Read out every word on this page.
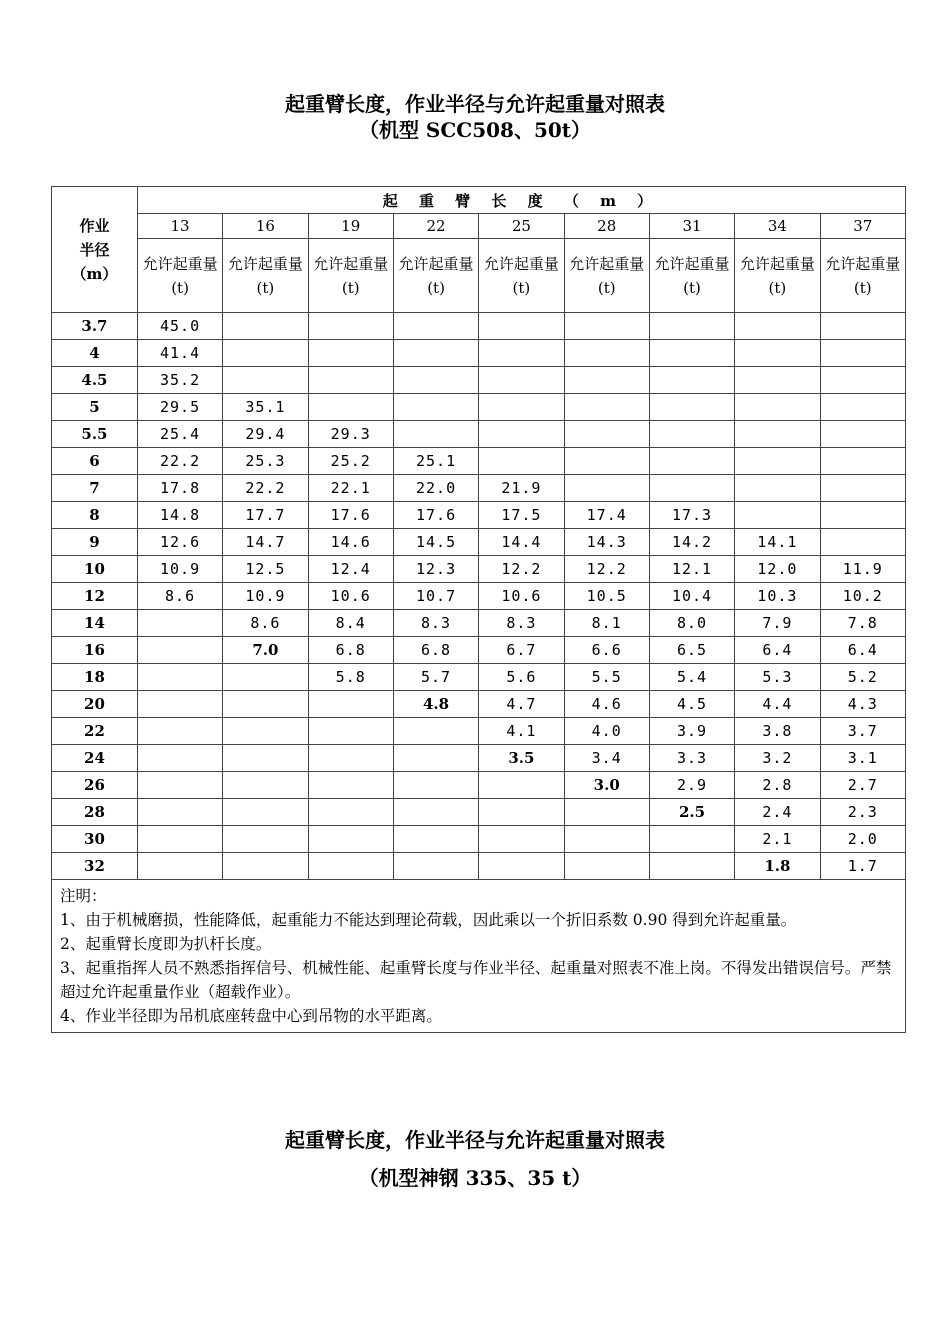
起重臂长度，作业半径与允许起重量对照表
（机型 SCC508、50t）
作业
半径
（m）	起 重 臂 长 度 （ m ）								
	13	16	19	22	25	28	31	34	37
	允许起重量(t)	允许起重量(t)	允许起重量(t)	允许起重量(t)	允许起重量(t)	允许起重量(t)	允许起重量(t)	允许起重量(t)	允许起重量(t)
3.7	45.0								
4	41.4								
4.5	35.2								
5	29.5	35.1							
5.5	25.4	29.4	29.3						
6	22.2	25.3	25.2	25.1					
7	17.8	22.2	22.1	22.0	21.9				
8	14.8	17.7	17.6	17.6	17.5	17.4	17.3		
9	12.6	14.7	14.6	14.5	14.4	14.3	14.2	14.1	
10	10.9	12.5	12.4	12.3	12.2	12.2	12.1	12.0	11.9
12	8.6	10.9	10.6	10.7	10.6	10.5	10.4	10.3	10.2
14		8.6	8.4	8.3	8.3	8.1	8.0	7.9	7.8
16		7.0	6.8	6.8	6.7	6.6	6.5	6.4	6.4
18			5.8	5.7	5.6	5.5	5.4	5.3	5.2
20				4.8	4.7	4.6	4.5	4.4	4.3
22					4.1	4.0	3.9	3.8	3.7
24					3.5	3.4	3.3	3.2	3.1
26						3.0	2.9	2.8	2.7
28							2.5	2.4	2.3
30								2.1	2.0
32								1.8	1.7

注明：
1、由于机械磨损，性能降低，起重能力不能达到理论荷载，因此乘以一个折旧系数 0.90 得到允许起重量。
2、起重臂长度即为扒杆长度。
3、起重指挥人员不熟悉指挥信号、机械性能、起重臂长度与作业半径、起重量对照表不准上岗。不得发出错误信号。严禁超过允许起重量作业（超载作业）。
4、作业半径即为吊机底座转盘中心到吊物的水平距离。									
起重臂长度，作业半径与允许起重量对照表
（机型神钢 335、35 t）
